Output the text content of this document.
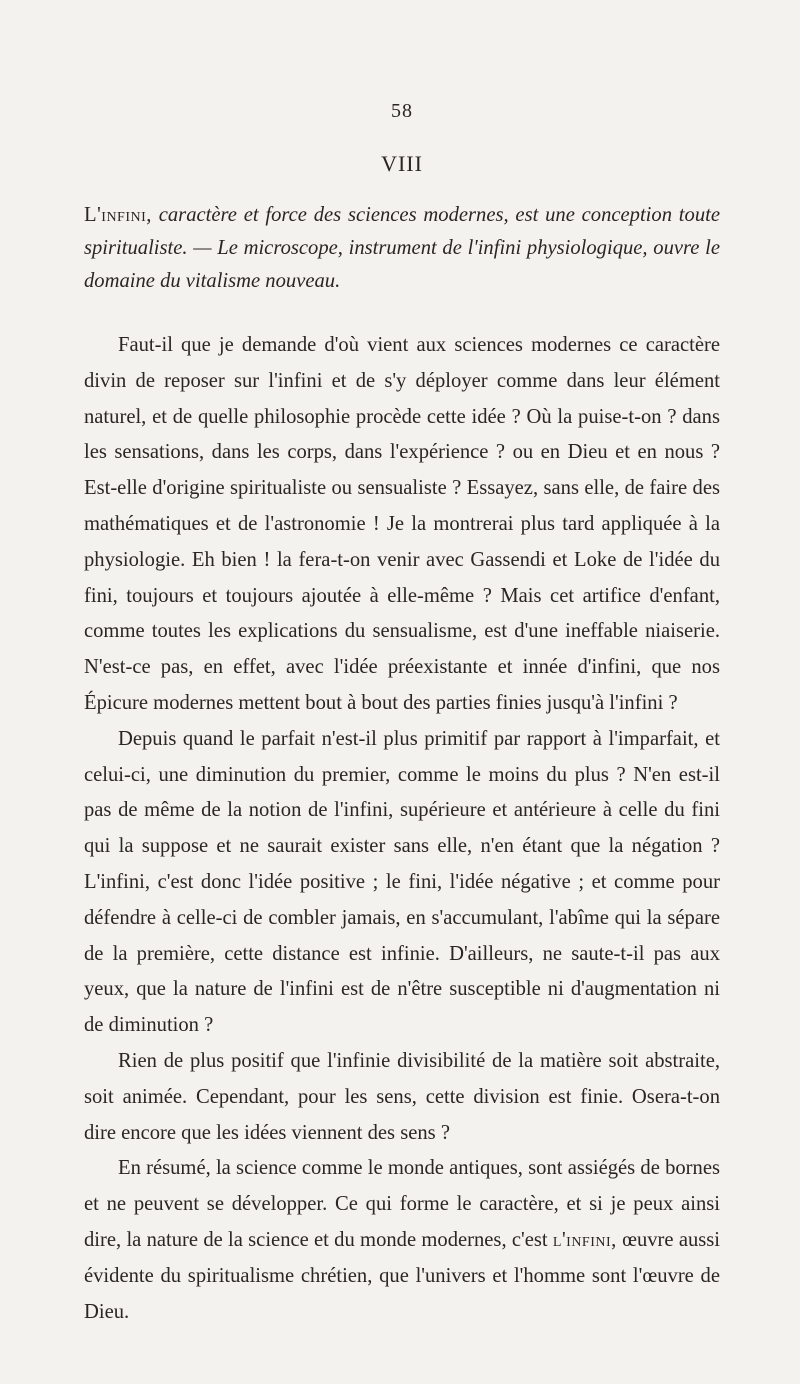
58
VIII

L'infini, caractère et force des sciences modernes, est une conception toute spiritualiste. — Le microscope, instrument de l'infini physiologique, ouvre le domaine du vitalisme nouveau.

Faut-il que je demande d'où vient aux sciences modernes ce caractère divin de reposer sur l'infini et de s'y déployer comme dans leur élément naturel, et de quelle philosophie procède cette idée ? Où la puise-t-on ? dans les sensations, dans les corps, dans l'expérience ? ou en Dieu et en nous ? Est-elle d'origine spiritualiste ou sensualiste ? Essayez, sans elle, de faire des mathématiques et de l'astronomie ! Je la montrerai plus tard appliquée à la physiologie. Eh bien ! la fera-t-on venir avec Gassendi et Loke de l'idée du fini, toujours et toujours ajoutée à elle-même ? Mais cet artifice d'enfant, comme toutes les explications du sensualisme, est d'une ineffable niaiserie. N'est-ce pas, en effet, avec l'idée préexistante et innée d'infini, que nos Épicure modernes mettent bout à bout des parties finies jusqu'à l'infini ?

Depuis quand le parfait n'est-il plus primitif par rapport à l'imparfait, et celui-ci, une diminution du premier, comme le moins du plus ? N'en est-il pas de même de la notion de l'infini, supérieure et antérieure à celle du fini qui la suppose et ne saurait exister sans elle, n'en étant que la négation ? L'infini, c'est donc l'idée positive ; le fini, l'idée négative ; et comme pour défendre à celle-ci de combler jamais, en s'accumulant, l'abîme qui la sépare de la première, cette distance est infinie. D'ailleurs, ne saute-t-il pas aux yeux, que la nature de l'infini est de n'être susceptible ni d'augmentation ni de diminution ?

Rien de plus positif que l'infinie divisibilité de la matière soit abstraite, soit animée. Cependant, pour les sens, cette division est finie. Osera-t-on dire encore que les idées viennent des sens ?

En résumé, la science comme le monde antiques, sont assiégés de bornes et ne peuvent se développer. Ce qui forme le caractère, et si je peux ainsi dire, la nature de la science et du monde modernes, c'est l'infini, œuvre aussi évidente du spiritualisme chrétien, que l'univers et l'homme sont l'œuvre de Dieu.
